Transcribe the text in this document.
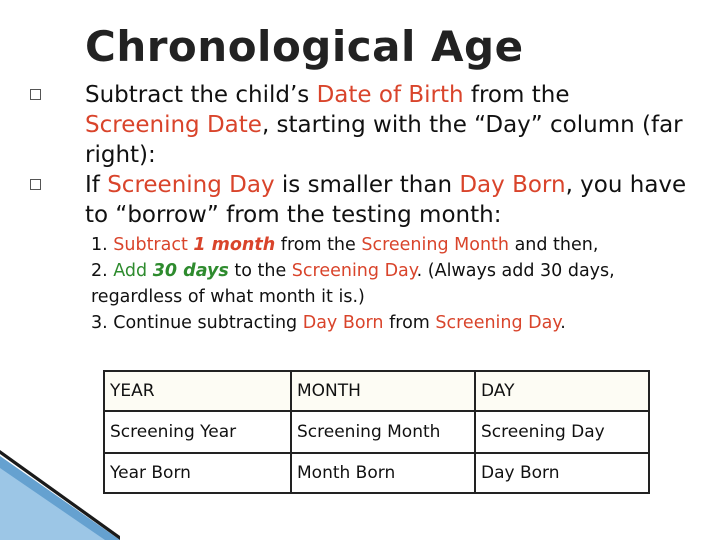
Chronological Age
Subtract the child’s Date of Birth from the Screening Date, starting with the “Day” column (far right):
If Screening Day is smaller than Day Born, you have to “borrow” from the testing month:
1. Subtract 1 month from the Screening Month and then,
2. Add 30 days to the Screening Day. (Always add 30 days, regardless of what month it is.)
3. Continue subtracting Day Born from Screening Day.
YEAR	MONTH	DAY
Screening Year	Screening Month	Screening Day
Year Born	Month Born	Day Born
